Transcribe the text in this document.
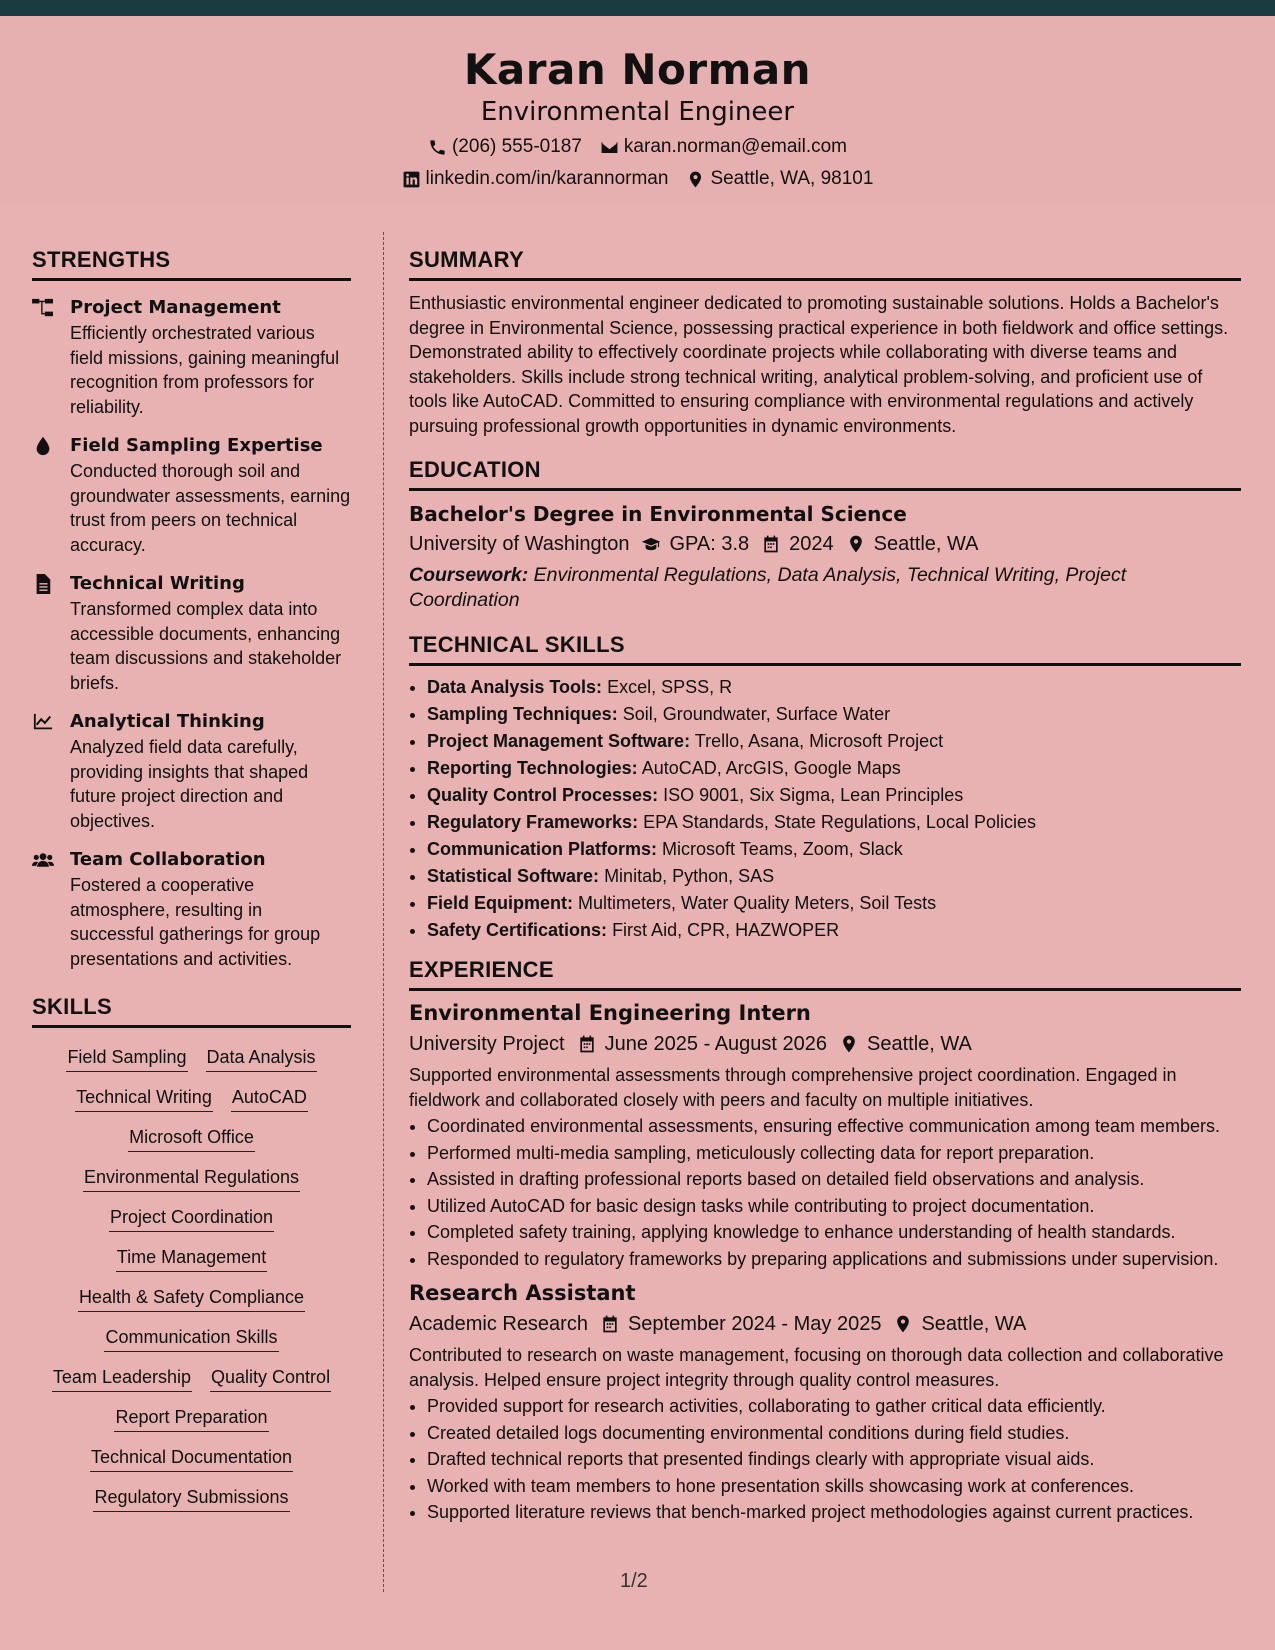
Karan Norman
Environmental Engineer
(206) 555-0187 karan.norman@email.com
linkedin.com/in/karannorman Seattle, WA, 98101
STRENGTHS
Project Management
Efficiently orchestrated various field missions, gaining meaningful recognition from professors for reliability.
Field Sampling Expertise
Conducted thorough soil and groundwater assessments, earning trust from peers on technical accuracy.
Technical Writing
Transformed complex data into accessible documents, enhancing team discussions and stakeholder briefs.
Analytical Thinking
Analyzed field data carefully, providing insights that shaped future project direction and objectives.
Team Collaboration
Fostered a cooperative atmosphere, resulting in successful gatherings for group presentations and activities.
SKILLS
Field Sampling Data Analysis
Technical Writing AutoCAD
Microsoft Office
Environmental Regulations
Project Coordination
Time Management
Health & Safety Compliance
Communication Skills
Team Leadership Quality Control
Report Preparation
Technical Documentation
Regulatory Submissions
SUMMARY
Enthusiastic environmental engineer dedicated to promoting sustainable solutions. Holds a Bachelor's degree in Environmental Science, possessing practical experience in both fieldwork and office settings. Demonstrated ability to effectively coordinate projects while collaborating with diverse teams and stakeholders. Skills include strong technical writing, analytical problem-solving, and proficient use of tools like AutoCAD. Committed to ensuring compliance with environmental regulations and actively pursuing professional growth opportunities in dynamic environments.
EDUCATION
Bachelor's Degree in Environmental Science
University of Washington GPA: 3.8 2024 Seattle, WA
Coursework: Environmental Regulations, Data Analysis, Technical Writing, Project Coordination
TECHNICAL SKILLS
• Data Analysis Tools: Excel, SPSS, R
• Sampling Techniques: Soil, Groundwater, Surface Water
• Project Management Software: Trello, Asana, Microsoft Project
• Reporting Technologies: AutoCAD, ArcGIS, Google Maps
• Quality Control Processes: ISO 9001, Six Sigma, Lean Principles
• Regulatory Frameworks: EPA Standards, State Regulations, Local Policies
• Communication Platforms: Microsoft Teams, Zoom, Slack
• Statistical Software: Minitab, Python, SAS
• Field Equipment: Multimeters, Water Quality Meters, Soil Tests
• Safety Certifications: First Aid, CPR, HAZWOPER
EXPERIENCE
Environmental Engineering Intern
University Project June 2025 - August 2026 Seattle, WA
Supported environmental assessments through comprehensive project coordination. Engaged in fieldwork and collaborated closely with peers and faculty on multiple initiatives.
• Coordinated environmental assessments, ensuring effective communication among team members.
• Performed multi-media sampling, meticulously collecting data for report preparation.
• Assisted in drafting professional reports based on detailed field observations and analysis.
• Utilized AutoCAD for basic design tasks while contributing to project documentation.
• Completed safety training, applying knowledge to enhance understanding of health standards.
• Responded to regulatory frameworks by preparing applications and submissions under supervision.
Research Assistant
Academic Research September 2024 - May 2025 Seattle, WA
Contributed to research on waste management, focusing on thorough data collection and collaborative analysis. Helped ensure project integrity through quality control measures.
• Provided support for research activities, collaborating to gather critical data efficiently.
• Created detailed logs documenting environmental conditions during field studies.
• Drafted technical reports that presented findings clearly with appropriate visual aids.
• Worked with team members to hone presentation skills showcasing work at conferences.
• Supported literature reviews that bench-marked project methodologies against current practices.
1/2
